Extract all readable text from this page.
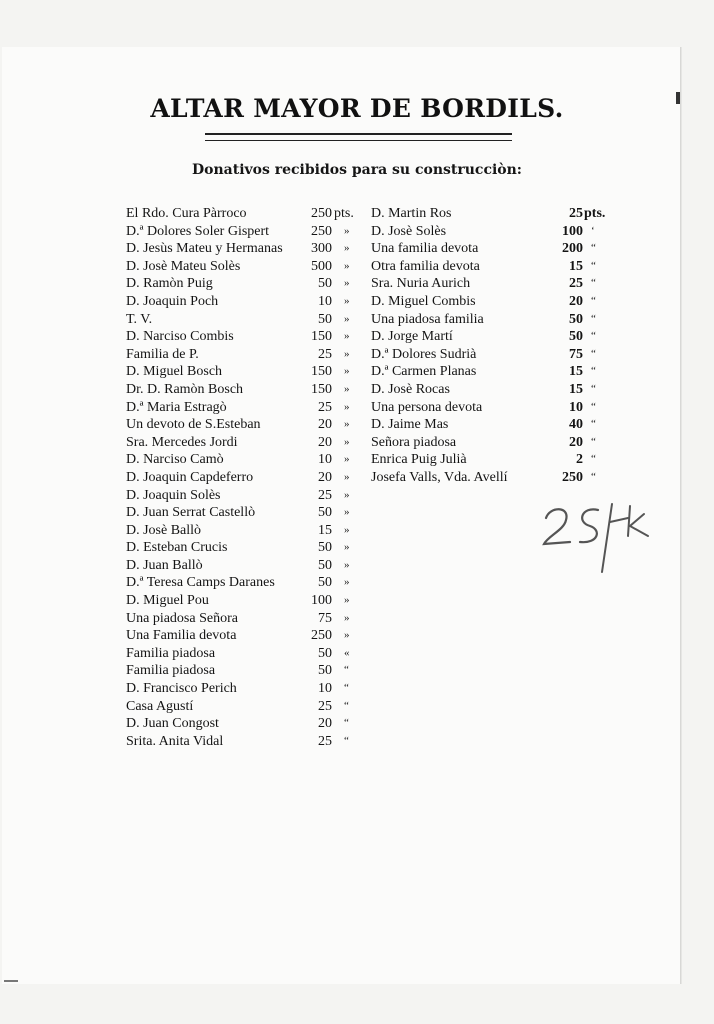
ALTAR MAYOR DE BORDILS.
Donativos recibidos para su construcciòn:
El Rdo. Cura Pàrroco	250 pts.
D.ª Dolores Soler Gispert	250 »
D. Jesùs Mateu y Hermanas 300 »
D. Josè Mateu Solès	500 »
D. Ramòn Puig	50 »
D. Joaquin Poch	10 »
T. V.	50 »
D. Narciso Combis	150 »
Familia de P.	25 »
D. Miguel Bosch	150 »
Dr. D. Ramòn Bosch	150 »
D.ª Maria Estragò	25 »
Un devoto de S.Esteban	20 »
Sra. Mercedes Jordi	20 »
D. Narciso Camò	10 »
D. Joaquin Capdeferro	20 »
D. Joaquin Solès	25 »
D. Juan Serrat Castellò	50 »
D. Josè Ballò	15 »
D. Esteban Crucis	50 »
D. Juan Ballò	50 »
D.ª Teresa Camps Daranes	50 »
D. Miguel Pou	100 »
Una piadosa Señora	75 »
Una Familia devota	250 »
Familia piadosa	50 «
Familia piadosa	50 “
D. Francisco Perich	10 “
Casa Agustí	25 “
D. Juan Congost	20 “
Srita. Anita Vidal	25 “
D. Martin Ros	25 pts.
D. Josè Solès	100 ‘
Una familia devota	200 “
Otra familia devota	15 “
Sra. Nuria Aurich	25 “
D. Miguel Combis	20 “
Una piadosa familia	50 “
D. Jorge Martí	50 “
D.ª Dolores Sudrià	75 “
D.ª Carmen Planas	15 “
D. Josè Rocas	15 “
Una persona devota	10 “
D. Jaime Mas	40 “
Señora piadosa	20 “
Enrica Puig Julià	2 “
Josefa Valls, Vda. Avellí	250 “
